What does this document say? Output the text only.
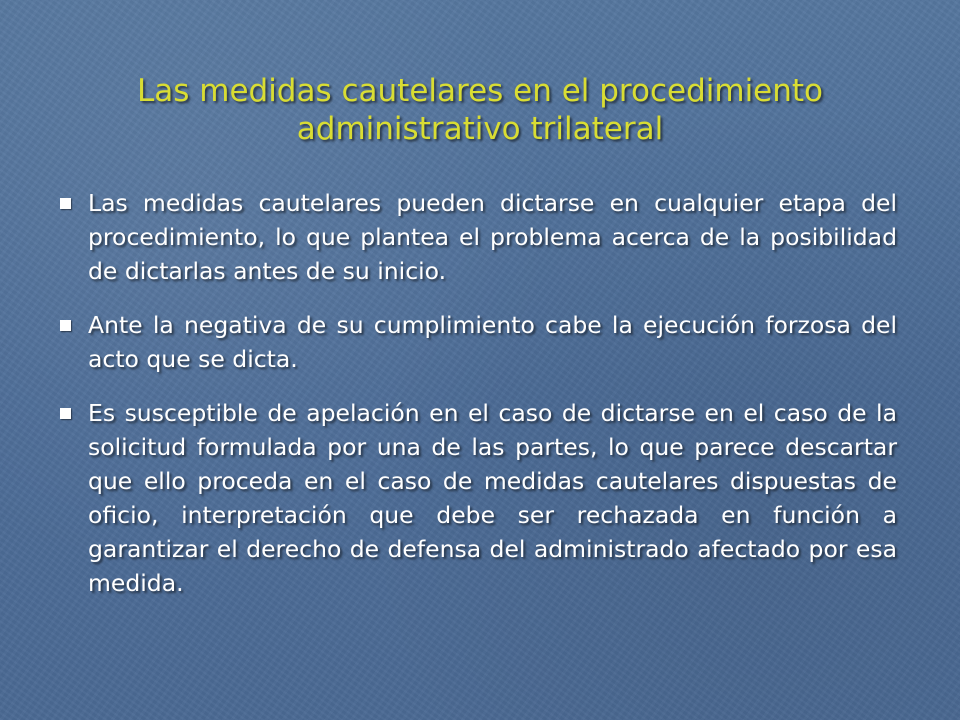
Las medidas cautelares en el procedimiento
administrativo trilateral
Las medidas cautelares pueden dictarse en cualquier etapa del procedimiento, lo que plantea el problema acerca de la posibilidad de dictarlas antes de su inicio.
Ante la negativa de su cumplimiento cabe la ejecución forzosa del acto que se dicta.
Es susceptible de apelación en el caso de dictarse en el caso de la solicitud formulada por una de las partes, lo que parece descartar que ello proceda en el caso de medidas cautelares dispuestas de oficio, interpretación que debe ser rechazada en función a garantizar el derecho de defensa del administrado afectado por esa medida.
